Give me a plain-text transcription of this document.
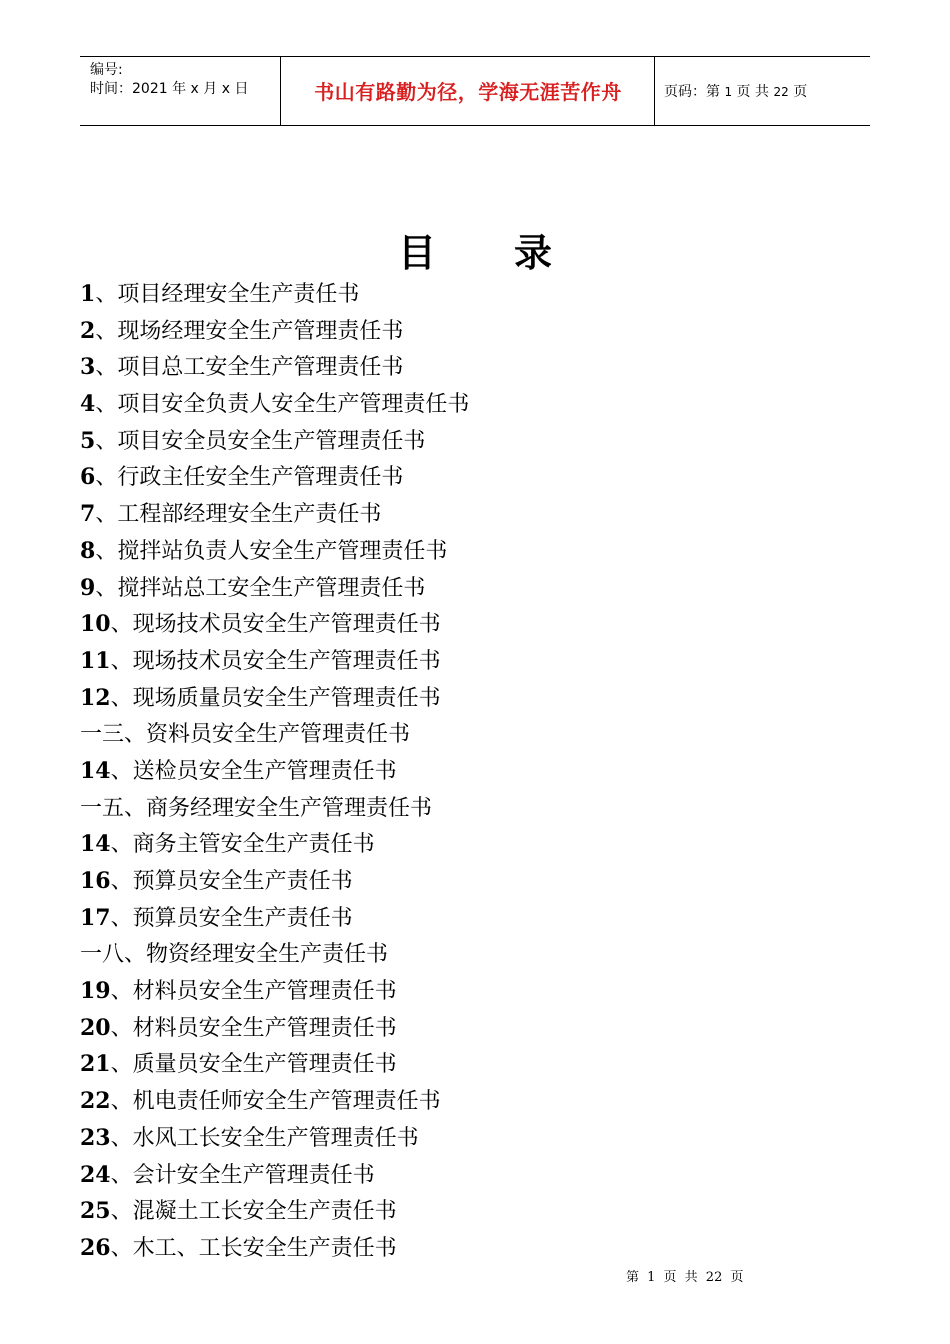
编号:
时间：2021 年 x 月 x 日	书山有路勤为径，学海无涯苦作舟	页码：第 1 页 共 22 页
目 录
1、项目经理安全生产责任书
2、现场经理安全生产管理责任书
3、项目总工安全生产管理责任书
4、项目安全负责人安全生产管理责任书
5、项目安全员安全生产管理责任书
6、行政主任安全生产管理责任书
7、工程部经理安全生产责任书
8、搅拌站负责人安全生产管理责任书
9、搅拌站总工安全生产管理责任书
10、现场技术员安全生产管理责任书
11、现场技术员安全生产管理责任书
12、现场质量员安全生产管理责任书
一三、资料员安全生产管理责任书
14、送检员安全生产管理责任书
一五、商务经理安全生产管理责任书
14、商务主管安全生产责任书
16、预算员安全生产责任书
17、预算员安全生产责任书
一八、物资经理安全生产责任书
19、材料员安全生产管理责任书
20、材料员安全生产管理责任书
21、质量员安全生产管理责任书
22、机电责任师安全生产管理责任书
23、水风工长安全生产管理责任书
24、会计安全生产管理责任书
25、混凝土工长安全生产责任书
26、木工、工长安全生产责任书
第 1 页 共 22 页
